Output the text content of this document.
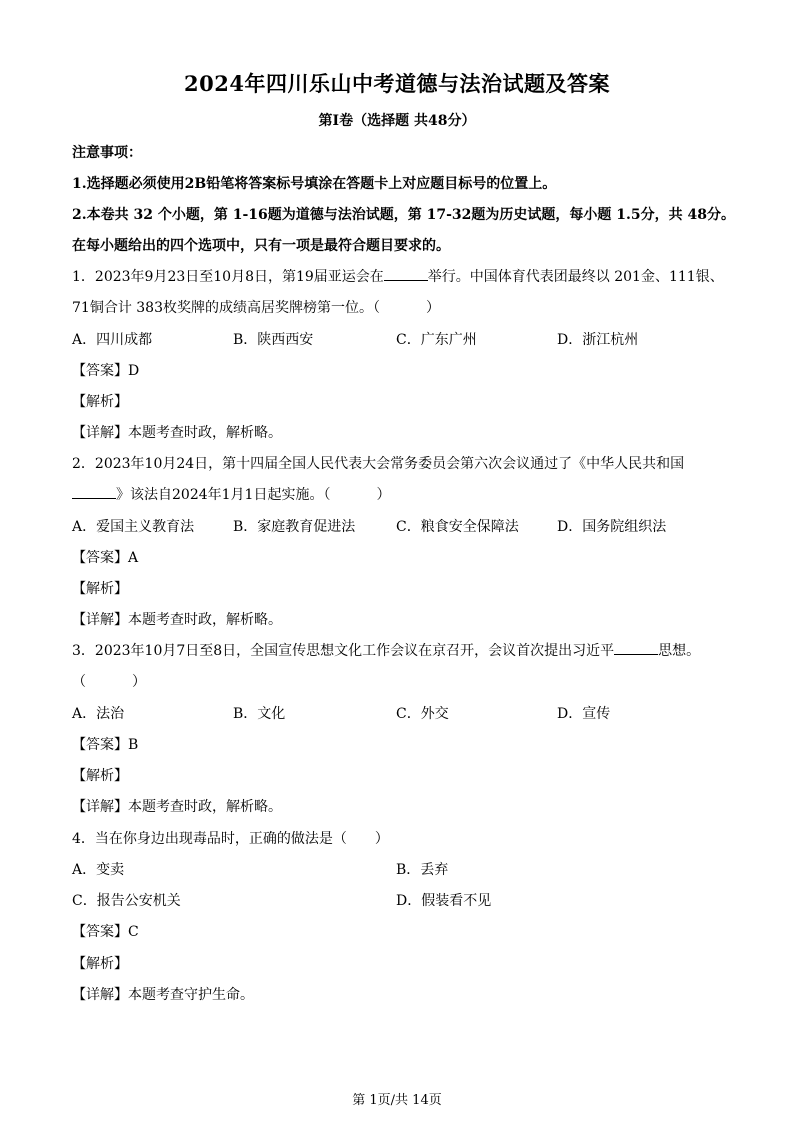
2024年四川乐山中考道德与法治试题及答案
第Ⅰ卷（选择题 共48分）
注意事项：
1.选择题必须使用2B铅笔将答案标号填涂在答题卡上对应题目标号的位置上。
2.本卷共 32 个小题，第 1-16题为道德与法治试题，第 17-32题为历史试题，每小题 1.5分，共 48分。
在每小题给出的四个选项中，只有一项是最符合题目要求的。
1．2023年9月23日至10月8日，第19届亚运会在	举行。中国体育代表团最终以 201金、111银、
71铜合计 383枚奖牌的成绩高居奖牌榜第一位。（	）
A．四川成都	B．陕西西安	C．广东广州	D．浙江杭州
【答案】D
【解析】
【详解】本题考查时政，解析略。
2．2023年10月24日，第十四届全国人民代表大会常务委员会第六次会议通过了《中华人民共和国
》该法自2024年1月1日起实施。（	）
A．爱国主义教育法	B．家庭教育促进法	C．粮食安全保障法	D．国务院组织法
【答案】A
【解析】
【详解】本题考查时政，解析略。
3．2023年10月7日至8日，全国宣传思想文化工作会议在京召开，会议首次提出习近平	思想。
（	）
A．法治	B．文化	C．外交	D．宣传
【答案】B
【解析】
【详解】本题考查时政，解析略。
4．当在你身边出现毒品时，正确的做法是（　　）
A．变卖	B．丢弃
C．报告公安机关	D．假装看不见
【答案】C
【解析】
【详解】本题考查守护生命。
第 1页/共 14页
